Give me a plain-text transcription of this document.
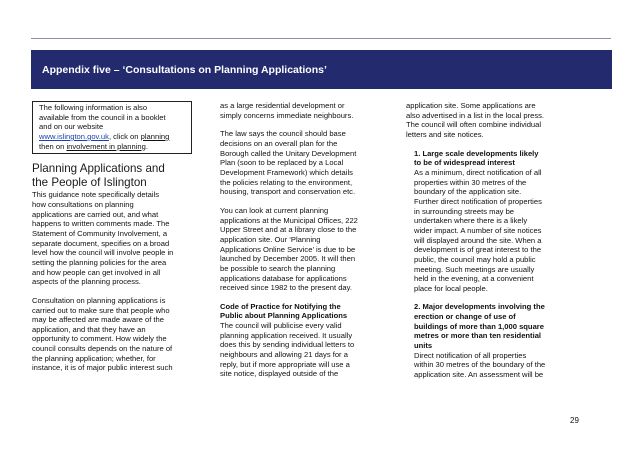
Appendix five – ‘Consultations on Planning Applications’
The following information is also
available from the council in a booklet
and on our website
www.islington.gov.uk, click on planning
then on involvement in planning.
Planning Applications and
the People of Islington

This guidance note specifically details
how consultations on planning
applications are carried out, and what
happens to written comments made. The
Statement of Community Involvement, a
separate document, specifies on a broad
level how the council will involve people in
setting the planning policies for the area
and how people can get involved in all
aspects of the planning process.

Consultation on planning applications is
carried out to make sure that people who
may be affected are made aware of the
application, and that they have an
opportunity to comment. How widely the
council consults depends on the nature of
the planning application; whether, for
instance, it is of major public interest such

as a large residential development or
simply concerns immediate neighbours.

The law says the council should base
decisions on an overall plan for the
Borough called the Unitary Development
Plan (soon to be replaced by a Local
Development Framework) which details
the policies relating to the environment,
housing, transport and conservation etc.

You can look at current planning
applications at the Municipal Offices, 222
Upper Street and at a library close to the
application site. Our ‘Planning
Applications Online Service’ is due to be
launched by December 2005. It will then
be possible to search the planning
applications database for applications
received since 1982 to the present day.

Code of Practice for Notifying the
Public about Planning Applications

The council will publicise every valid
planning application received. It usually
does this by sending individual letters to
neighbours and allowing 21 days for a
reply, but if more appropriate will use a
site notice, displayed outside of the

application site. Some applications are
also advertised in a list in the local press.
The council will often combine individual
letters and site notices.

1. Large scale developments likely
to be of widespread interest

As a minimum, direct notification of all
properties within 30 metres of the
boundary of the application site.
Further direct notification of properties
in surrounding streets may be
undertaken where there is a likely
wider impact. A number of site notices
will displayed around the site. When a
development is of great interest to the
public, the council may hold a public
meeting. Such meetings are usually
held in the evening, at a convenient
place for local people.

2. Major developments involving the
erection or change of use of
buildings of more than 1,000 square
metres or more than ten residential
units

Direct notification of all properties
within 30 metres of the boundary of the
application site. An assessment will be

29
